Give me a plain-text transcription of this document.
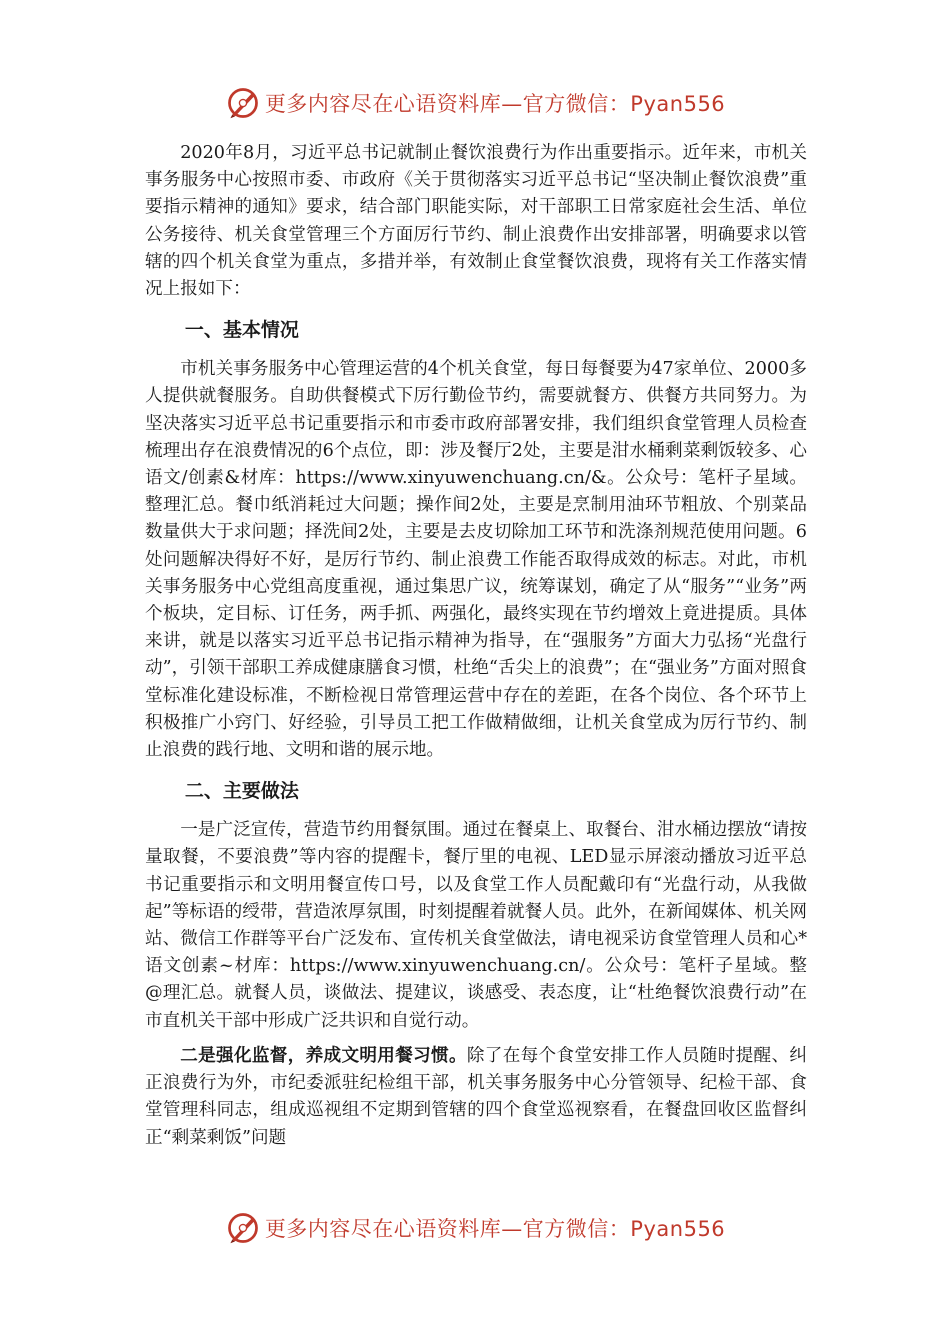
更多内容尽在心语资料库—官方微信：Pyan556

2020年8月，习近平总书记就制止餐饮浪费行为作出重要指示。近年来，市机关事务服务中心按照市委、市政府《关于贯彻落实习近平总书记“坚决制止餐饮浪费”重要指示精神的通知》要求，结合部门职能实际，对干部职工日常家庭社会生活、单位公务接待、机关食堂管理三个方面厉行节约、制止浪费作出安排部署，明确要求以管辖的四个机关食堂为重点，多措并举，有效制止食堂餐饮浪费，现将有关工作落实情况上报如下：

一、基本情况

市机关事务服务中心管理运营的4个机关食堂，每日每餐要为47家单位、2000多人提供就餐服务。自助供餐模式下厉行勤俭节约，需要就餐方、供餐方共同努力。为坚决落实习近平总书记重要指示和市委市政府部署安排，我们组织食堂管理人员检查梳理出存在浪费情况的6个点位，即：涉及餐厅2处，主要是泔水桶剩菜剩饭较多、心语文/创素&材库：https://www.xinyuwenchuang.cn/&。公众号：笔杆子星域。整理汇总。餐巾纸消耗过大问题；操作间2处，主要是烹制用油环节粗放、个别菜品数量供大于求问题；择洗间2处，主要是去皮切除加工环节和洗涤剂规范使用问题。6处问题解决得好不好，是厉行节约、制止浪费工作能否取得成效的标志。对此，市机关事务服务中心党组高度重视，通过集思广议，统筹谋划，确定了从“服务”“业务”两个板块，定目标、订任务，两手抓、两强化，最终实现在节约增效上竟进提质。具体来讲，就是以落实习近平总书记指示精神为指导，在“强服务”方面大力弘扬“光盘行动”，引领干部职工养成健康膳食习惯，杜绝“舌尖上的浪费”；在“强业务”方面对照食堂标准化建设标准，不断检视日常管理运营中存在的差距，在各个岗位、各个环节上积极推广小窍门、好经验，引导员工把工作做精做细，让机关食堂成为厉行节约、制止浪费的践行地、文明和谐的展示地。

二、主要做法

一是广泛宣传，营造节约用餐氛围。通过在餐桌上、取餐台、泔水桶边摆放“请按量取餐，不要浪费”等内容的提醒卡，餐厅里的电视、LED显示屏滚动播放习近平总书记重要指示和文明用餐宣传口号，以及食堂工作人员配戴印有“光盘行动，从我做起”等标语的绶带，营造浓厚氛围，时刻提醒着就餐人员。此外，在新闻媒体、机关网站、微信工作群等平台广泛发布、宣传机关食堂做法，请电视采访食堂管理人员和心*语文创素~材库：https://www.xinyuwenchuang.cn/。公众号：笔杆子星域。整@理汇总。就餐人员，谈做法、提建议，谈感受、表态度，让“杜绝餐饮浪费行动”在市直机关干部中形成广泛共识和自觉行动。

二是强化监督，养成文明用餐习惯。除了在每个食堂安排工作人员随时提醒、纠正浪费行为外，市纪委派驻纪检组干部，机关事务服务中心分管领导、纪检干部、食堂管理科同志，组成巡视组不定期到管辖的四个食堂巡视察看，在餐盘回收区监督纠正“剩菜剩饭”问题

更多内容尽在心语资料库—官方微信：Pyan556
